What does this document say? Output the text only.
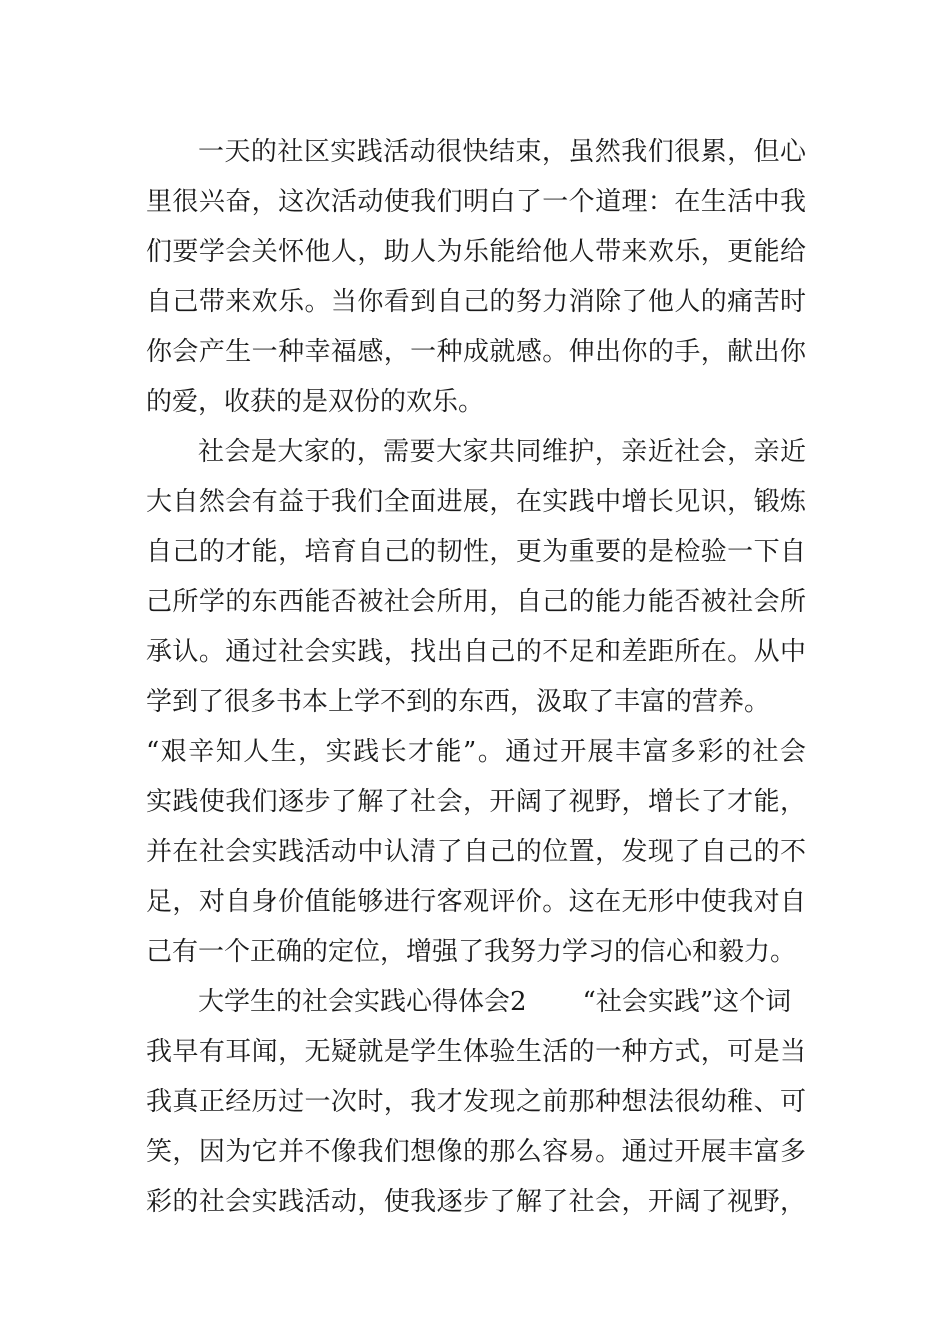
一天的社区实践活动很快结束，虽然我们很累，但心
里很兴奋，这次活动使我们明白了一个道理：在生活中我
们要学会关怀他人，助人为乐能给他人带来欢乐，更能给
自己带来欢乐。当你看到自己的努力消除了他人的痛苦时
你会产生一种幸福感，一种成就感。伸出你的手，献出你
的爱，收获的是双份的欢乐。
社会是大家的，需要大家共同维护，亲近社会，亲近
大自然会有益于我们全面进展，在实践中增长见识，锻炼
自己的才能，培育自己的韧性，更为重要的是检验一下自
己所学的东西能否被社会所用，自己的能力能否被社会所
承认。通过社会实践，找出自己的不足和差距所在。从中
学到了很多书本上学不到的东西，汲取了丰富的营养。
“艰辛知人生，实践长才能”。通过开展丰富多彩的社会
实践使我们逐步了解了社会，开阔了视野，增长了才能，
并在社会实践活动中认清了自己的位置，发现了自己的不
足，对自身价值能够进行客观评价。这在无形中使我对自
己有一个正确的定位，增强了我努力学习的信心和毅力。
大学生的社会实践心得体会2 “社会实践”这个词
我早有耳闻，无疑就是学生体验生活的一种方式，可是当
我真正经历过一次时，我才发现之前那种想法很幼稚、可
笑，因为它并不像我们想像的那么容易。通过开展丰富多
彩的社会实践活动，使我逐步了解了社会，开阔了视野，
